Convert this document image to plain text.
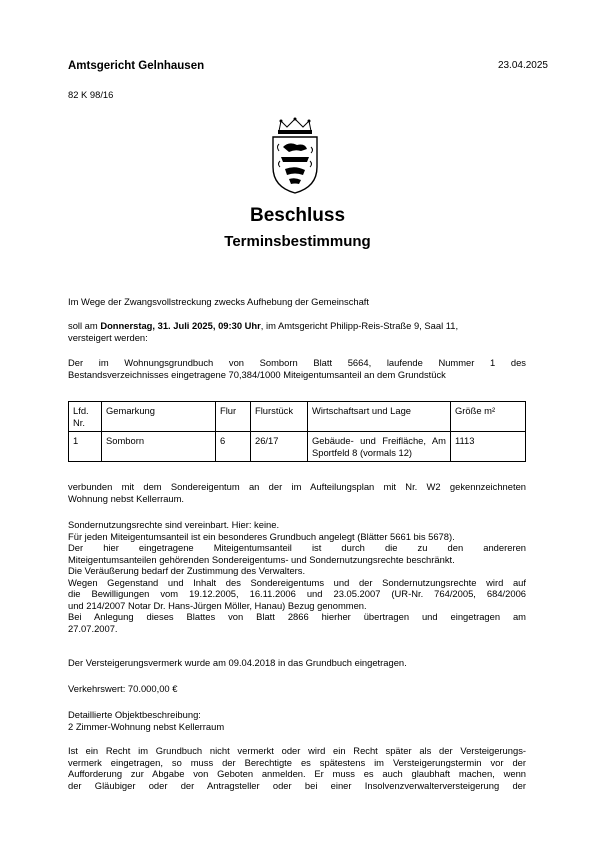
Amtsgericht Gelnhausen	23.04.2025
82 K 98/16
Beschluss
Terminsbestimmung
Im Wege der Zwangsvollstreckung zwecks Aufhebung der Gemeinschaft
soll am Donnerstag, 31. Juli 2025, 09:30 Uhr, im Amtsgericht Philipp-Reis-Straße 9, Saal 11,
versteigert werden:
Der im Wohnungsgrundbuch von Somborn Blatt 5664, laufende Nummer 1 des
Bestandsverzeichnisses eingetragene 70,384/1000 Miteigentumsanteil an dem Grundstück
Lfd. Nr.	Gemarkung	Flur	Flurstück	Wirtschaftsart und Lage	Größe m²
1	Somborn	6	26/17	Gebäude- und Freifläche, Am Sportfeld 8 (vormals 12)	1113
verbunden mit dem Sondereigentum an der im Aufteilungsplan mit Nr. W2 gekennzeichneten
Wohnung nebst Kellerraum.
Sondernutzungsrechte sind vereinbart. Hier: keine.
Für jeden Miteigentumsanteil ist ein besonderes Grundbuch angelegt (Blätter 5661 bis 5678).
Der hier eingetragene Miteigentumsanteil ist durch die zu den andereren
Miteigentumsanteilen gehörenden Sondereigentums- und Sondernutzungsrechte beschränkt.
Die Veräußerung bedarf der Zustimmung des Verwalters.
Wegen Gegenstand und Inhalt des Sondereigentums und der Sondernutzungsrechte wird auf
die Bewilligungen vom 19.12.2005, 16.11.2006 und 23.05.2007 (UR-Nr. 764/2005, 684/2006
und 214/2007 Notar Dr. Hans-Jürgen Möller, Hanau) Bezug genommen.
Bei Anlegung dieses Blattes von Blatt 2866 hierher übertragen und eingetragen am
27.07.2007.
Der Versteigerungsvermerk wurde am 09.04.2018 in das Grundbuch eingetragen.
Verkehrswert: 70.000,00 €
Detaillierte Objektbeschreibung:
2 Zimmer-Wohnung nebst Kellerraum
Ist ein Recht im Grundbuch nicht vermerkt oder wird ein Recht später als der Versteigerungs-
vermerk eingetragen, so muss der Berechtigte es spätestens im Versteigerungstermin vor der
Aufforderung zur Abgabe von Geboten anmelden. Er muss es auch glaubhaft machen, wenn
der Gläubiger oder der Antragsteller oder bei einer Insolvenzverwalterversteigerung der
